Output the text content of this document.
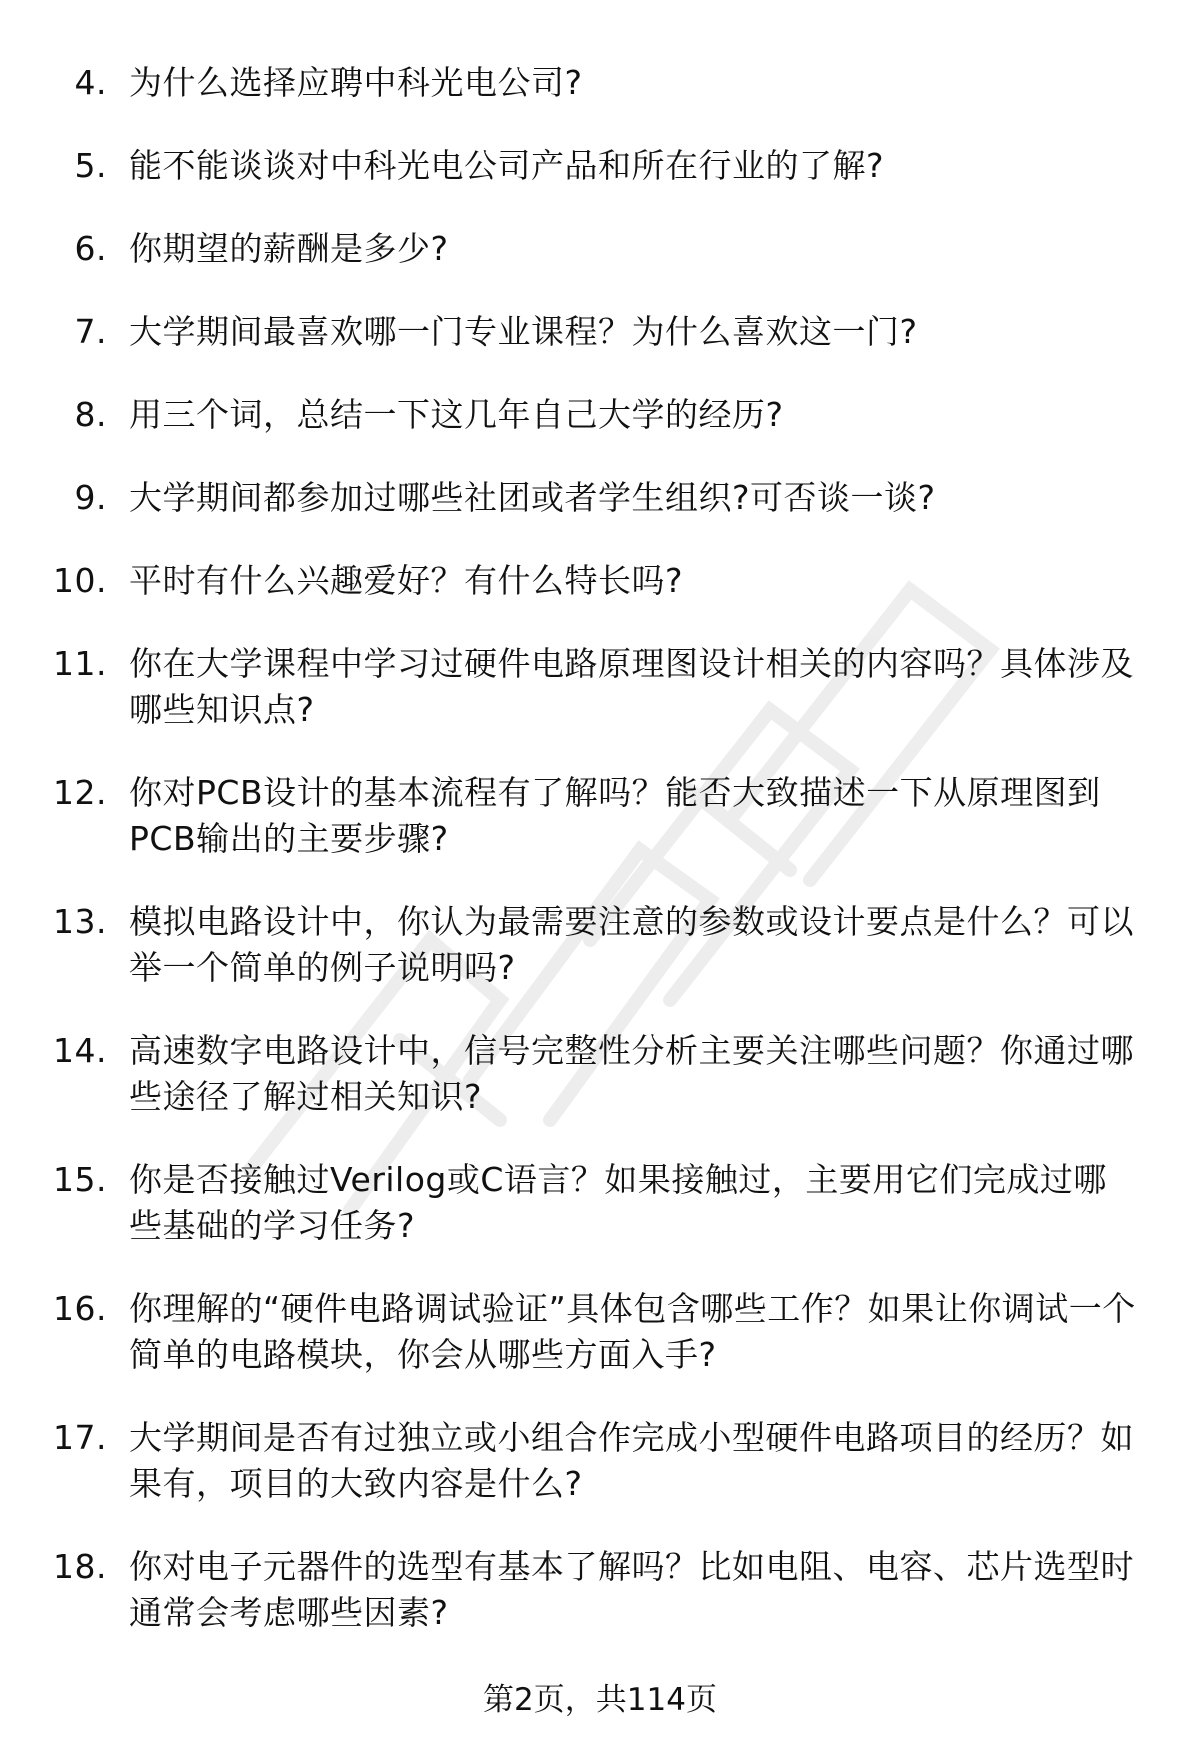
4. 为什么选择应聘中科光电公司?
5. 能不能谈谈对中科光电公司产品和所在行业的了解?
6. 你期望的薪酬是多少?
7. 大学期间最喜欢哪一门专业课程？为什么喜欢这一门?
8. 用三个词，总结一下这几年自己大学的经历?
9. 大学期间都参加过哪些社团或者学生组织?可否谈一谈?
10. 平时有什么兴趣爱好？有什么特长吗?
11. 你在大学课程中学习过硬件电路原理图设计相关的内容吗？具体涉及哪些知识点?
12. 你对PCB设计的基本流程有了解吗？能否大致描述一下从原理图到PCB输出的主要步骤?
13. 模拟电路设计中，你认为最需要注意的参数或设计要点是什么？可以举一个简单的例子说明吗?
14. 高速数字电路设计中，信号完整性分析主要关注哪些问题？你通过哪些途径了解过相关知识?
15. 你是否接触过Verilog或C语言？如果接触过，主要用它们完成过哪些基础的学习任务?
16. 你理解的“硬件电路调试验证”具体包含哪些工作？如果让你调试一个简单的电路模块，你会从哪些方面入手?
17. 大学期间是否有过独立或小组合作完成小型硬件电路项目的经历？如果有，项目的大致内容是什么?
18. 你对电子元器件的选型有基本了解吗？比如电阻、电容、芯片选型时通常会考虑哪些因素?
第2页，共114页
